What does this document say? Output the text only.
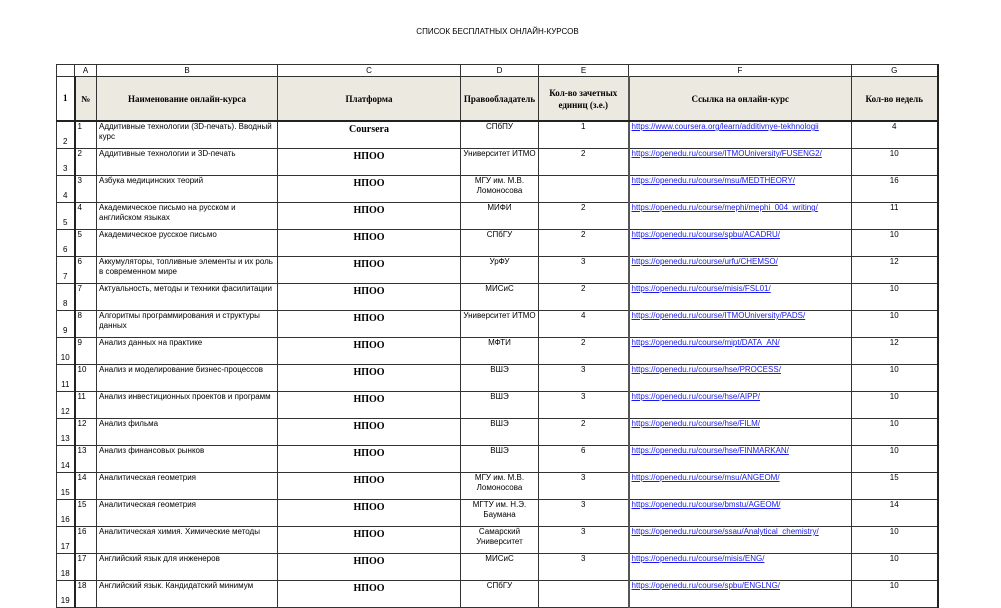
СПИСОК БЕСПЛАТНЫХ ОНЛАЙН-КУРСОВ
	A	B	C	D	E	F	G
1	№	Наименование онлайн-курса	Платформа	Правообладатель	Кол-во зачетных единиц (з.е.)	Ссылка на онлайн-курс	Кол-во недель
2	1	Аддитивные технологии (3D-печать). Вводный курс	Coursera	СПбПУ	1	https://www.coursera.org/learn/additivnye-tekhnologii	4
3	2	Аддитивные технологии и 3D-печать	НПОО	Университет ИТМО	2	https://openedu.ru/course/ITMOUniversity/FUSENG2/	10
4	3	Азбука медицинских теорий	НПОО	МГУ им. М.В. Ломоносова		https://openedu.ru/course/msu/MEDTHEORY/	16
5	4	Академическое письмо на русском и английском языках	НПОО	МИФИ	2	https://openedu.ru/course/mephi/mephi_004_writing/	11
6	5	Академическое русское письмо	НПОО	СПбГУ	2	https://openedu.ru/course/spbu/ACADRU/	10
7	6	Аккумуляторы, топливные элементы и их роль в современном мире	НПОО	УрФУ	3	https://openedu.ru/course/urfu/CHEMSO/	12
8	7	Актуальность, методы и техники фасилитации	НПОО	МИСиС	2	https://openedu.ru/course/misis/FSL01/	10
9	8	Алгоритмы программирования и структуры данных	НПОО	Университет ИТМО	4	https://openedu.ru/course/ITMOUniversity/PADS/	10
10	9	Анализ данных на практике	НПОО	МФТИ	2	https://openedu.ru/course/mipt/DATA_AN/	12
11	10	Анализ и моделирование бизнес-процессов	НПОО	ВШЭ	3	https://openedu.ru/course/hse/PROCESS/	10
12	11	Анализ инвестиционных проектов и программ	НПОО	ВШЭ	3	https://openedu.ru/course/hse/AIPP/	10
13	12	Анализ фильма	НПОО	ВШЭ	2	https://openedu.ru/course/hse/FILM/	10
14	13	Анализ финансовых рынков	НПОО	ВШЭ	6	https://openedu.ru/course/hse/FINMARKAN/	10
15	14	Аналитическая геометрия	НПОО	МГУ им. М.В. Ломоносова	3	https://openedu.ru/course/msu/ANGEOM/	15
16	15	Аналитическая геометрия	НПОО	МГТУ им. Н.Э. Баумана	3	https://openedu.ru/course/bmstu/AGEOM/	14
17	16	Аналитическая химия. Химические методы	НПОО	Самарский Университет	3	https://openedu.ru/course/ssau/Analytical_chemistry/	10
18	17	Английский язык для инженеров	НПОО	МИСиС	3	https://openedu.ru/course/misis/ENG/	10
19	18	Английский язык. Кандидатский минимум	НПОО	СПбГУ		https://openedu.ru/course/spbu/ENGLNG/	10
